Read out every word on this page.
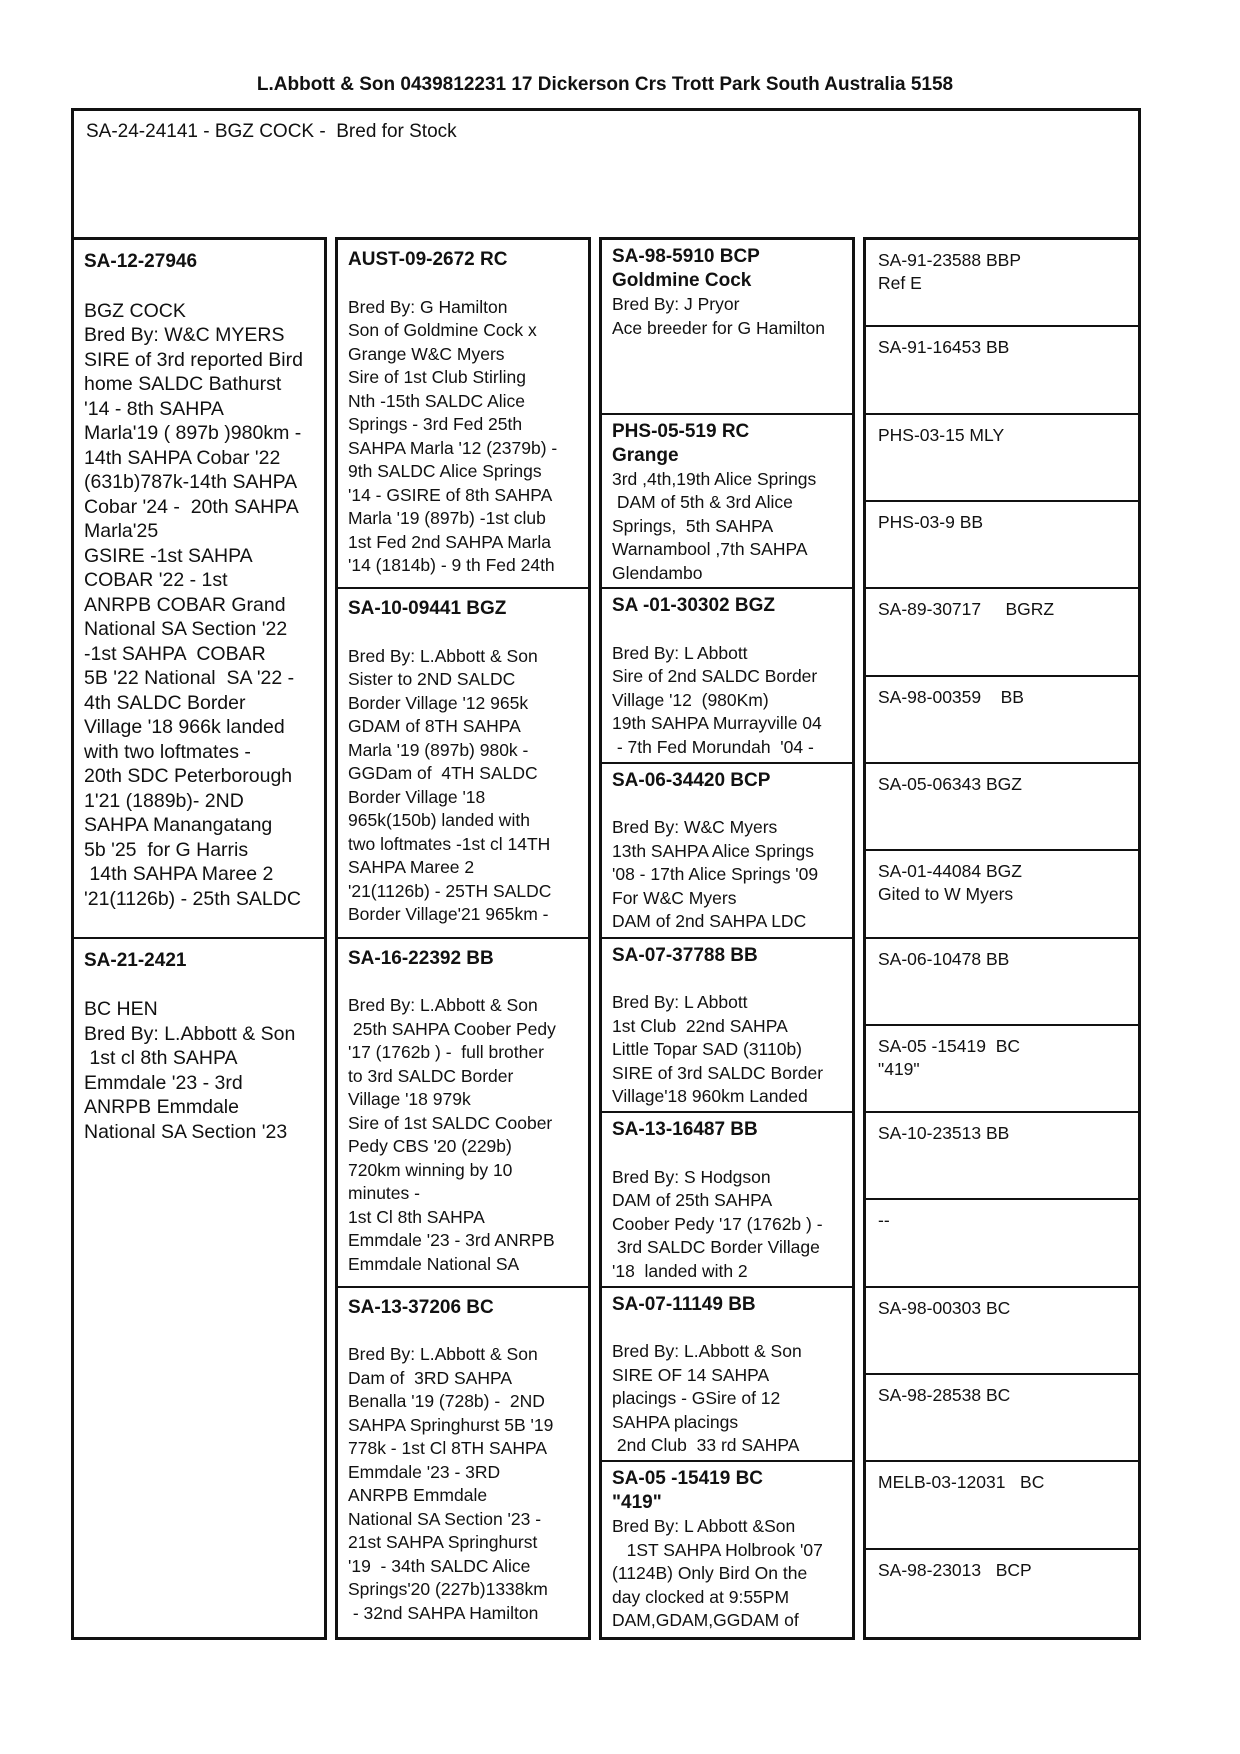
L.Abbott & Son 0439812231 17 Dickerson Crs Trott Park South Australia 5158
SA-24-24141 - BGZ COCK -  Bred for Stock
SA-12-27946

BGZ COCK
Bred By: W&C MYERS
SIRE of 3rd reported Bird
home SALDC Bathurst
'14 - 8th SAHPA
Marla'19 ( 897b )980km -
14th SAHPA Cobar '22
(631b)787k-14th SAHPA
Cobar '24 -  20th SAHPA
Marla'25
GSIRE -1st SAHPA
COBAR '22 - 1st
ANRPB COBAR Grand
National SA Section '22
-1st SAHPA  COBAR
5B '22 National  SA '22 -
4th SALDC Border
Village '18 966k landed
with two loftmates -
20th SDC Peterborough
1'21 (1889b)- 2ND
SAHPA Manangatang
5b '25  for G Harris
14th SAHPA Maree 2
'21(1126b) - 25th SALDC
SA-21-2421

BC HEN
Bred By: L.Abbott & Son
1st cl 8th SAHPA
Emmdale '23 - 3rd
ANRPB Emmdale
National SA Section '23
AUST-09-2672 RC

Bred By: G Hamilton
Son of Goldmine Cock x
Grange W&C Myers
Sire of 1st Club Stirling
Nth -15th SALDC Alice
Springs - 3rd Fed 25th
SAHPA Marla '12 (2379b) -
9th SALDC Alice Springs
'14 - GSIRE of 8th SAHPA
Marla '19 (897b) -1st club
1st Fed 2nd SAHPA Marla
'14 (1814b) - 9 th Fed 24th
SA-10-09441 BGZ

Bred By: L.Abbott & Son
Sister to 2ND SALDC
Border Village '12 965k
GDAM of 8TH SAHPA
Marla '19 (897b) 980k -
GGDam of  4TH SALDC
Border Village '18
965k(150b) landed with
two loftmates -1st cl 14TH
SAHPA Maree 2
'21(1126b) - 25TH SALDC
Border Village'21 965km -
SA-16-22392 BB

Bred By: L.Abbott & Son
25th SAHPA Coober Pedy
'17 (1762b ) -  full brother
to 3rd SALDC Border
Village '18 979k
Sire of 1st SALDC Coober
Pedy CBS '20 (229b)
720km winning by 10
minutes -
1st Cl 8th SAHPA
Emmdale '23 - 3rd ANRPB
Emmdale National SA
SA-13-37206 BC

Bred By: L.Abbott & Son
Dam of  3RD SAHPA
Benalla '19 (728b) -  2ND
SAHPA Springhurst 5B '19
778k - 1st Cl 8TH SAHPA
Emmdale '23 - 3RD
ANRPB Emmdale
National SA Section '23 -
21st SAHPA Springhurst
'19  - 34th SALDC Alice
Springs'20 (227b)1338km
- 32nd SAHPA Hamilton
SA-98-5910 BCP
Goldmine Cock
Bred By: J Pryor
Ace breeder for G Hamilton
PHS-05-519 RC
Grange
3rd ,4th,19th Alice Springs
DAM of 5th & 3rd Alice
Springs,  5th SAHPA
Warnambool ,7th SAHPA
Glendambo
SA -01-30302 BGZ

Bred By: L Abbott
Sire of 2nd SALDC Border
Village '12  (980Km)
19th SAHPA Murrayville 04
- 7th Fed Morundah  '04 -
SA-06-34420 BCP

Bred By: W&C Myers
13th SAHPA Alice Springs
'08 - 17th Alice Springs '09
For W&C Myers
DAM of 2nd SAHPA LDC
SA-07-37788 BB

Bred By: L Abbott
1st Club  22nd SAHPA
Little Topar SAD (3110b)
SIRE of 3rd SALDC Border
Village'18 960km Landed
SA-13-16487 BB

Bred By: S Hodgson
DAM of 25th SAHPA
Coober Pedy '17 (1762b ) -
3rd SALDC Border Village
'18  landed with 2
SA-07-11149 BB

Bred By: L.Abbott & Son
SIRE OF 14 SAHPA
placings - GSire of 12
SAHPA placings
2nd Club  33 rd SAHPA
SA-05 -15419 BC
"419"
Bred By: L Abbott &Son
1ST SAHPA Holbrook '07
(1124B) Only Bird On the
day clocked at 9:55PM
DAM,GDAM,GGDAM of
SA-91-23588 BBP
Ref E
SA-91-16453 BB
PHS-03-15 MLY
PHS-03-9 BB
SA-89-30717     BGRZ
SA-98-00359    BB
SA-05-06343 BGZ
SA-01-44084 BGZ
Gited to W Myers
SA-06-10478 BB
SA-05 -15419  BC
"419"
SA-10-23513 BB
--
SA-98-00303 BC
SA-98-28538 BC
MELB-03-12031   BC
SA-98-23013   BCP
